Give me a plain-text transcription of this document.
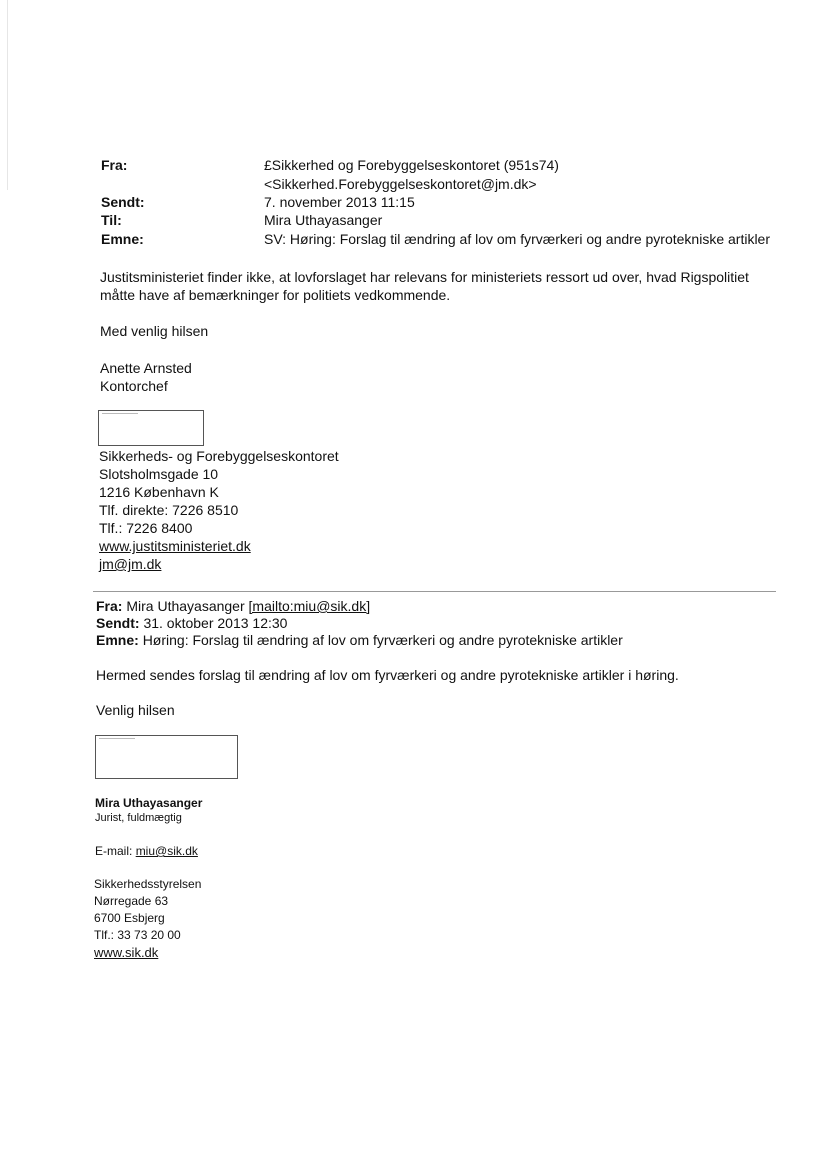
Fra:	£Sikkerhed og Forebyggelseskontoret (951s74)
<Sikkerhed.Forebyggelseskontoret@jm.dk>
Sendt:	7. november 2013 11:15
Til:	Mira Uthayasanger
Emne:	SV: Høring: Forslag til ændring af lov om fyrværkeri og andre pyrotekniske artikler
Justitsministeriet finder ikke, at lovforslaget har relevans for ministeriets ressort ud over, hvad Rigspolitiet
måtte have af bemærkninger for politiets vedkommende.
Med venlig hilsen
Anette Arnsted
Kontorchef
Sikkerheds- og Forebyggelseskontoret
Slotsholmsgade 10
1216 København K
Tlf. direkte: 7226 8510
Tlf.: 7226 8400
www.justitsministeriet.dk
jm@jm.dk
Fra: Mira Uthayasanger [mailto:miu@sik.dk]
Sendt: 31. oktober 2013 12:30
Emne: Høring: Forslag til ændring af lov om fyrværkeri og andre pyrotekniske artikler
Hermed sendes forslag til ændring af lov om fyrværkeri og andre pyrotekniske artikler i høring.
Venlig hilsen
Mira Uthayasanger
Jurist, fuldmægtig
E-mail: miu@sik.dk
Sikkerhedsstyrelsen
Nørregade 63
6700 Esbjerg
Tlf.: 33 73 20 00
www.sik.dk
